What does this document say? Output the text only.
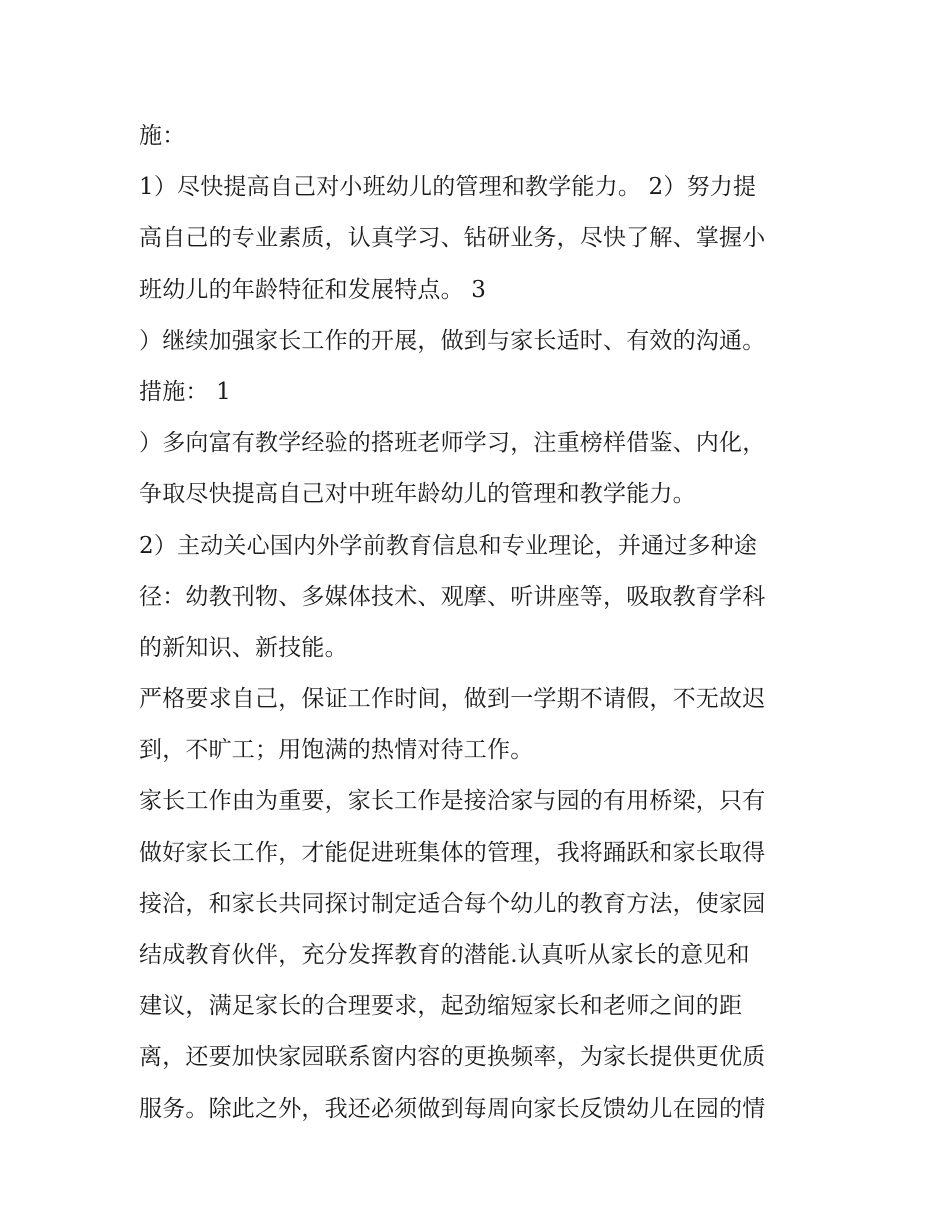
施：
1）尽快提高自己对小班幼儿的管理和教学能力。 2）努力提
高自己的专业素质，认真学习、钻研业务，尽快了解、掌握小
班幼儿的年龄特征和发展特点。 3
）继续加强家长工作的开展，做到与家长适时、有效的沟通。
措施： 1
）多向富有教学经验的搭班老师学习，注重榜样借鉴、内化，
争取尽快提高自己对中班年龄幼儿的管理和教学能力。
2）主动关心国内外学前教育信息和专业理论，并通过多种途
径：幼教刊物、多媒体技术、观摩、听讲座等，吸取教育学科
的新知识、新技能。
严格要求自己，保证工作时间，做到一学期不请假，不无故迟
到，不旷工；用饱满的热情对待工作。
家长工作由为重要，家长工作是接洽家与园的有用桥梁，只有
做好家长工作，才能促进班集体的管理，我将踊跃和家长取得
接洽，和家长共同探讨制定适合每个幼儿的教育方法，使家园
结成教育伙伴，充分发挥教育的潜能.认真听从家长的意见和
建议，满足家长的合理要求，起劲缩短家长和老师之间的距
离，还要加快家园联系窗内容的更换频率，为家长提供更优质
服务。除此之外，我还必须做到每周向家长反馈幼儿在园的情
